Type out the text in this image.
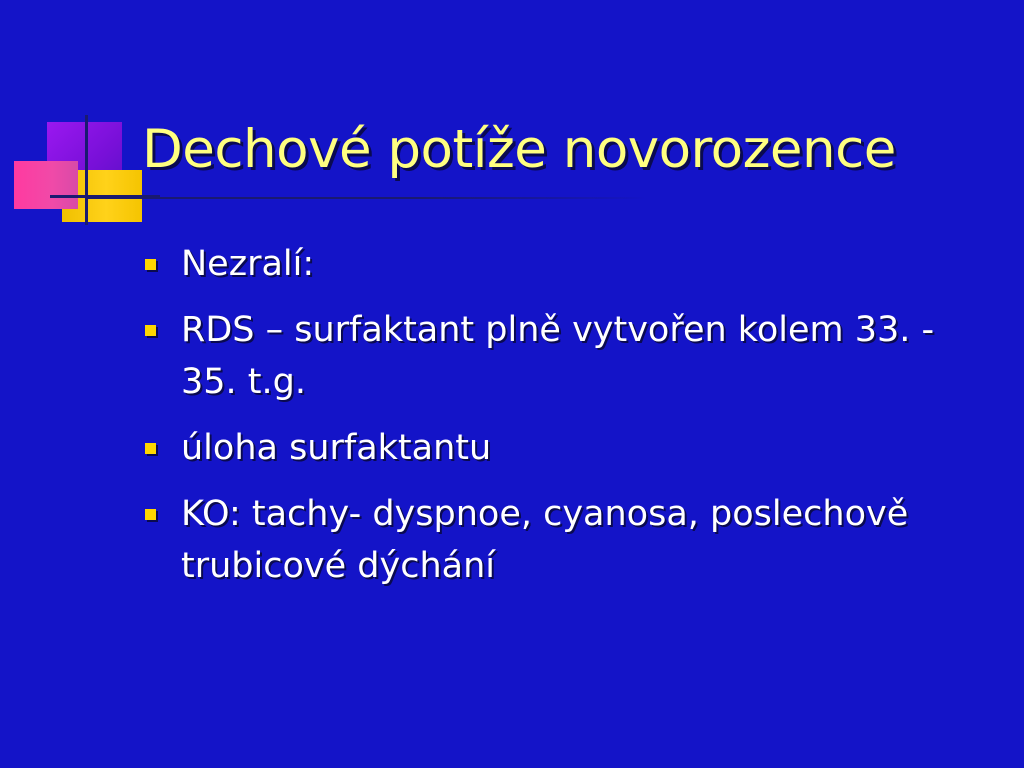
Dechové potíže novorozence
Nezralí:
RDS – surfaktant plně vytvořen kolem 33. - 35. t.g.
úloha surfaktantu
KO: tachy- dyspnoe, cyanosa, poslechově trubicové dýchání
